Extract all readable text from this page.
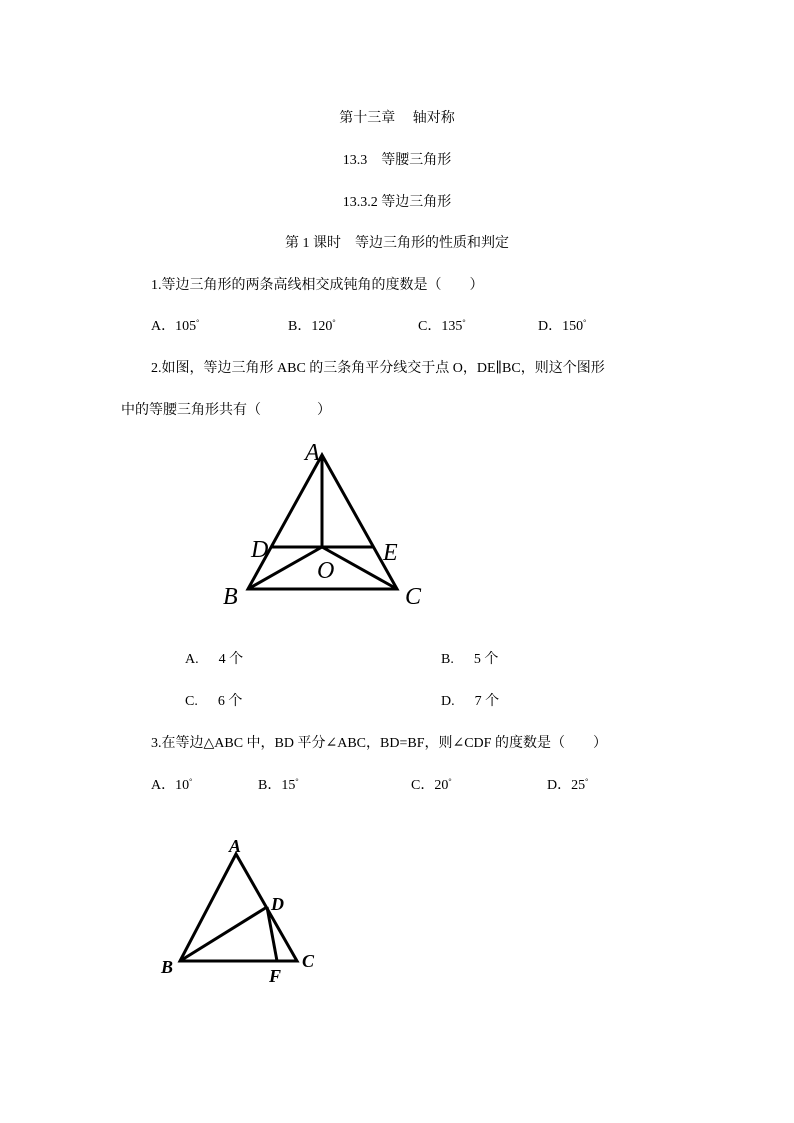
第十三章　 轴对称
13.3　等腰三角形
13.3.2 等边三角形
第 1 课时　等边三角形的性质和判定
1.等边三角形的两条高线相交成钝角的度数是（　　）
A．105°	B．120°	C．135°	D．150°
2.如图，等边三角形 ABC 的三条角平分线交于点 O，DE∥BC，则这个图形
中的等腰三角形共有（　　　　）
A
D	E
O
B	C
A. 4 个	B. 5 个
C. 6 个	D. 7 个
3.在等边△ABC 中，BD 平分∠ABC，BD=BF，则∠CDF 的度数是（　　）
A．10°	B．15°	C．20°	D．25°
A
D
B	F
C
